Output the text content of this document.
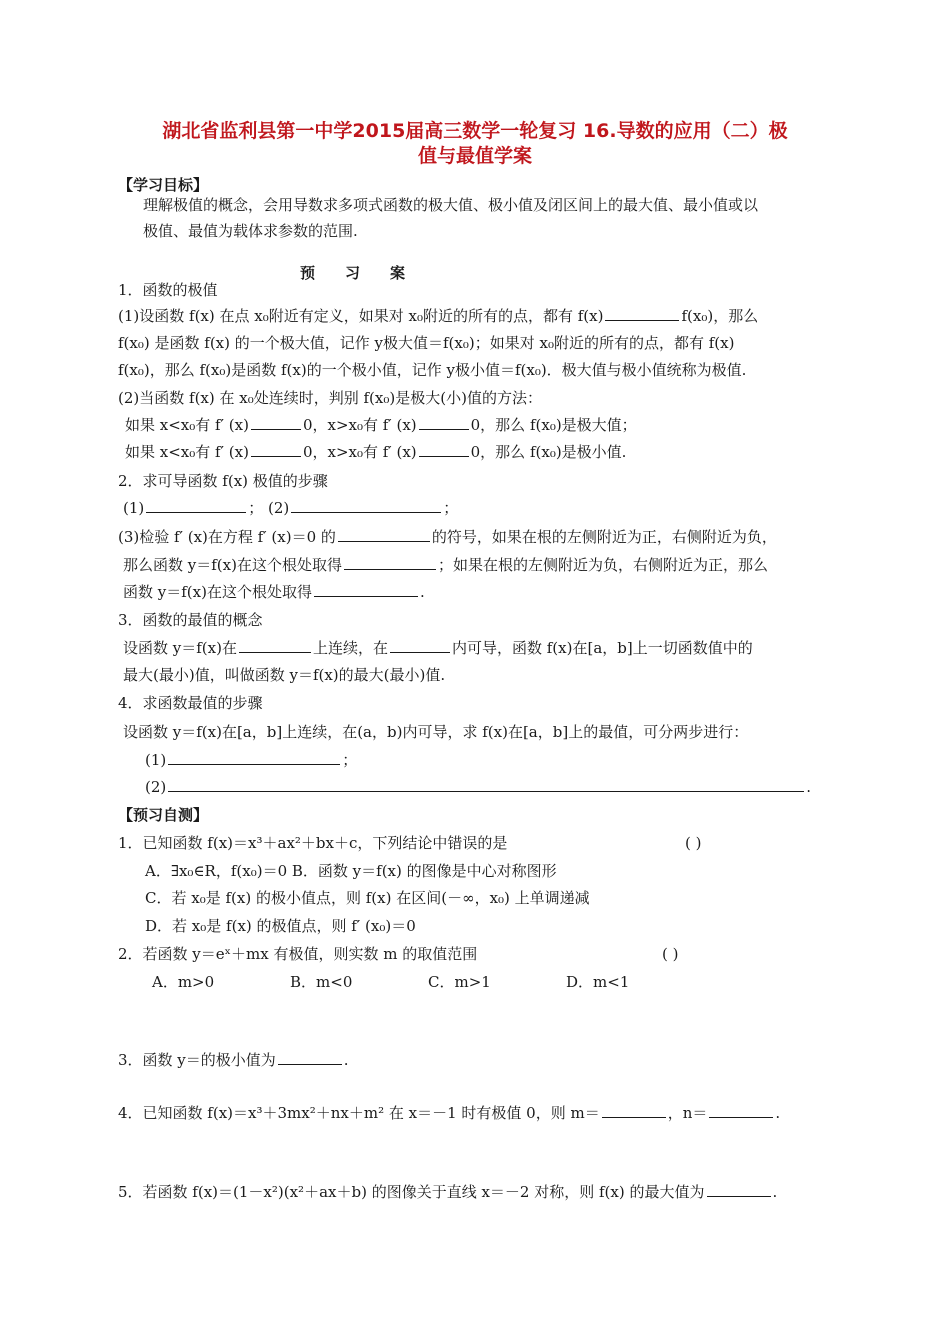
湖北省监利县第一中学2015届高三数学一轮复习 16.导数的应用（二）极
值与最值学案
【学习目标】
理解极值的概念，会用导数求多项式函数的极大值、极小值及闭区间上的最大值、最小值或以
极值、最值为载体求参数的范围.
预习案
1．函数的极值
(1)设函数 f(x) 在点 x₀附近有定义，如果对 x₀附近的所有的点，都有 f(x)	f(x₀)，那么
f(x₀) 是函数 f(x) 的一个极大值，记作 y极大值＝f(x₀)；如果对 x₀附近的所有的点，都有 f(x)
f(x₀)，那么 f(x₀)是函数 f(x)的一个极小值，记作 y极小值＝f(x₀)．极大值与极小值统称为极值.
(2)当函数 f(x) 在 x₀处连续时，判别 f(x₀)是极大(小)值的方法：
如果 x<x₀有 f′ (x)	0，x>x₀有 f′ (x)	0，那么 f(x₀)是极大值；
如果 x<x₀有 f′ (x)	0，x>x₀有 f′ (x)	0，那么 f(x₀)是极小值.
2．求可导函数 f(x) 极值的步骤
(1)	； (2)	；
(3)检验 f′ (x)在方程 f′ (x)＝0 的	的符号，如果在根的左侧附近为正，右侧附近为负，
那么函数 y＝f(x)在这个根处取得	；如果在根的左侧附近为负，右侧附近为正，那么
函数 y＝f(x)在这个根处取得	.
3．函数的最值的概念
设函数 y＝f(x)在	上连续，在	内可导，函数 f(x)在[a，b]上一切函数值中的
最大(最小)值，叫做函数 y＝f(x)的最大(最小)值.
4．求函数最值的步骤
设函数 y＝f(x)在[a，b]上连续，在(a，b)内可导，求 f(x)在[a，b]上的最值，可分两步进行：
(1)	；
(2)	.
【预习自测】
1．已知函数 f(x)＝x³＋ax²＋bx＋c，下列结论中错误的是	( )
A．∃x₀∈R，f(x₀)＝0 B．函数 y＝f(x) 的图像是中心对称图形
C．若 x₀是 f(x) 的极小值点，则 f(x) 在区间(－∞，x₀) 上单调递减
D．若 x₀是 f(x) 的极值点，则 f′ (x₀)＝0
2．若函数 y＝eˣ＋mx 有极值，则实数 m 的取值范围	( )
A．m>0	B．m<0	C．m>1	D．m<1
3．函数 y＝的极小值为	.
4．已知函数 f(x)＝x³＋3mx²＋nx＋m² 在 x＝－1 时有极值 0，则 m＝	，n＝	.
5．若函数 f(x)＝(1－x²)(x²＋ax＋b) 的图像关于直线 x＝－2 对称，则 f(x) 的最大值为	.
